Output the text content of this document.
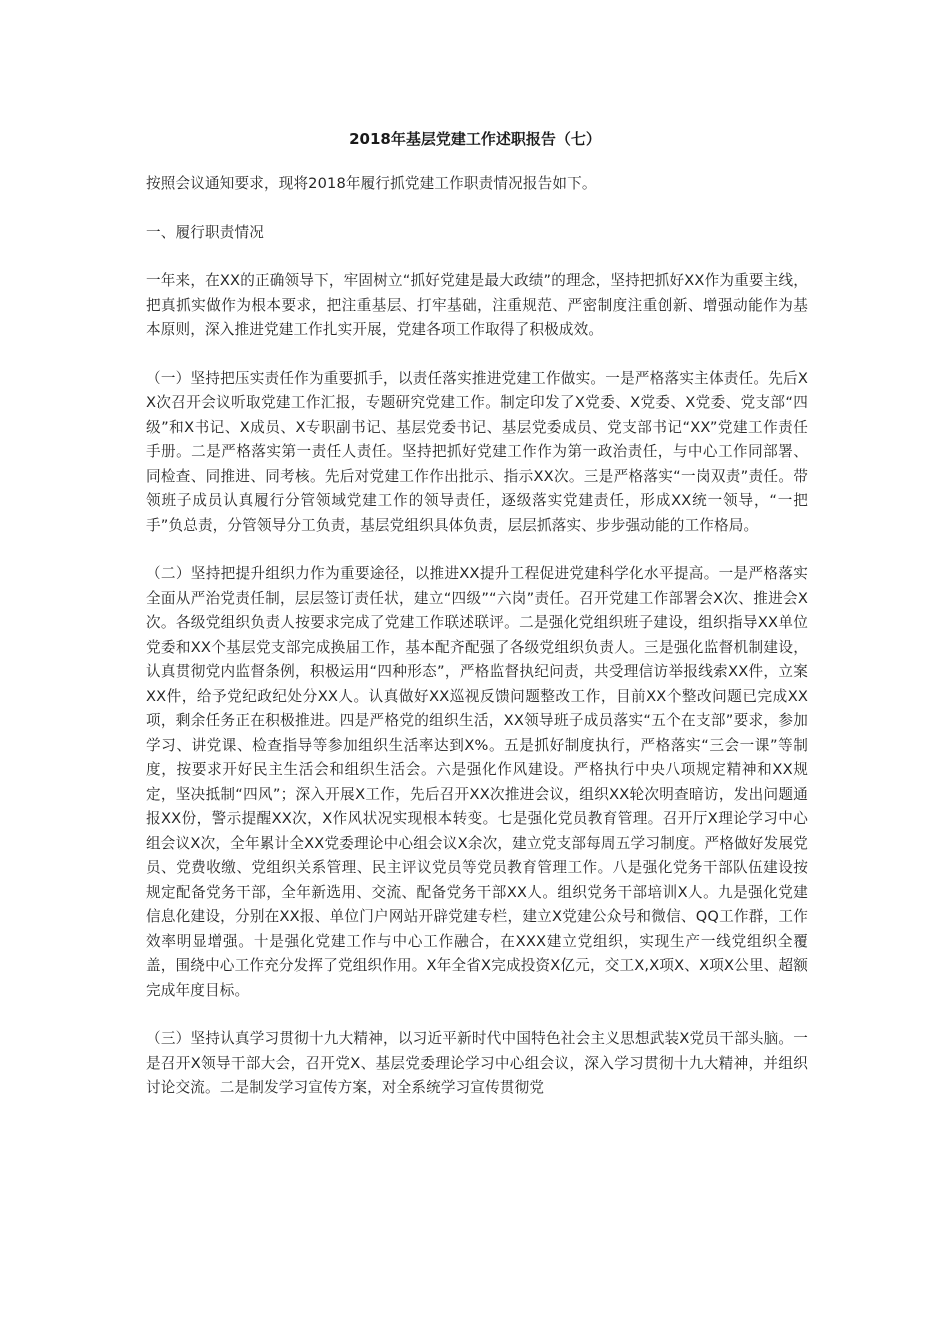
2018年基层党建工作述职报告（七）

按照会议通知要求，现将2018年履行抓党建工作职责情况报告如下。

一、履行职责情况

一年来，在XX的正确领导下，牢固树立“抓好党建是最大政绩”的理念，坚持把抓好XX作为重要主线，把真抓实做作为根本要求，把注重基层、打牢基础，注重规范、严密制度注重创新、增强动能作为基本原则，深入推进党建工作扎实开展，党建各项工作取得了积极成效。

（一）坚持把压实责任作为重要抓手，以责任落实推进党建工作做实。一是严格落实主体责任。先后XX次召开会议听取党建工作汇报，专题研究党建工作。制定印发了X党委、X党委、X党委、党支部“四级”和X书记、X成员、X专职副书记、基层党委书记、基层党委成员、党支部书记“XX”党建工作责任手册。二是严格落实第一责任人责任。坚持把抓好党建工作作为第一政治责任，与中心工作同部署、同检查、同推进、同考核。先后对党建工作作出批示、指示XX次。三是严格落实“一岗双责”责任。带领班子成员认真履行分管领域党建工作的领导责任，逐级落实党建责任，形成XX统一领导，“一把手”负总责，分管领导分工负责，基层党组织具体负责，层层抓落实、步步强动能的工作格局。

（二）坚持把提升组织力作为重要途径，以推进XX提升工程促进党建科学化水平提高。一是严格落实全面从严治党责任制，层层签订责任状，建立“四级”“六岗”责任。召开党建工作部署会X次、推进会X次。各级党组织负责人按要求完成了党建工作联述联评。二是强化党组织班子建设，组织指导XX单位党委和XX个基层党支部完成换届工作，基本配齐配强了各级党组织负责人。三是强化监督机制建设，认真贯彻党内监督条例，积极运用“四种形态”，严格监督执纪问责，共受理信访举报线索XX件，立案XX件，给予党纪政纪处分XX人。认真做好XX巡视反馈问题整改工作，目前XX个整改问题已完成XX项，剩余任务正在积极推进。四是严格党的组织生活，XX领导班子成员落实“五个在支部”要求，参加学习、讲党课、检查指导等参加组织生活率达到X%。五是抓好制度执行，严格落实“三会一课”等制度，按要求开好民主生活会和组织生活会。六是强化作风建设。严格执行中央八项规定精神和XX规定，坚决抵制“四风”；深入开展X工作，先后召开XX次推进会议，组织XX轮次明查暗访，发出问题通报XX份，警示提醒XX次，X作风状况实现根本转变。七是强化党员教育管理。召开厅X理论学习中心组会议X次，全年累计全XX党委理论中心组会议X余次，建立党支部每周五学习制度。严格做好发展党员、党费收缴、党组织关系管理、民主评议党员等党员教育管理工作。八是强化党务干部队伍建设按规定配备党务干部，全年新选用、交流、配备党务干部XX人。组织党务干部培训X人。九是强化党建信息化建设，分别在XX报、单位门户网站开辟党建专栏，建立X党建公众号和微信、QQ工作群，工作效率明显增强。十是强化党建工作与中心工作融合，在XXX建立党组织，实现生产一线党组织全覆盖，围绕中心工作充分发挥了党组织作用。X年全省X完成投资X亿元，交工X,X项X、X项X公里、超额完成年度目标。

（三）坚持认真学习贯彻十九大精神，以习近平新时代中国特色社会主义思想武装X党员干部头脑。一是召开X领导干部大会，召开党X、基层党委理论学习中心组会议，深入学习贯彻十九大精神，并组织讨论交流。二是制发学习宣传方案，对全系统学习宣传贯彻党
